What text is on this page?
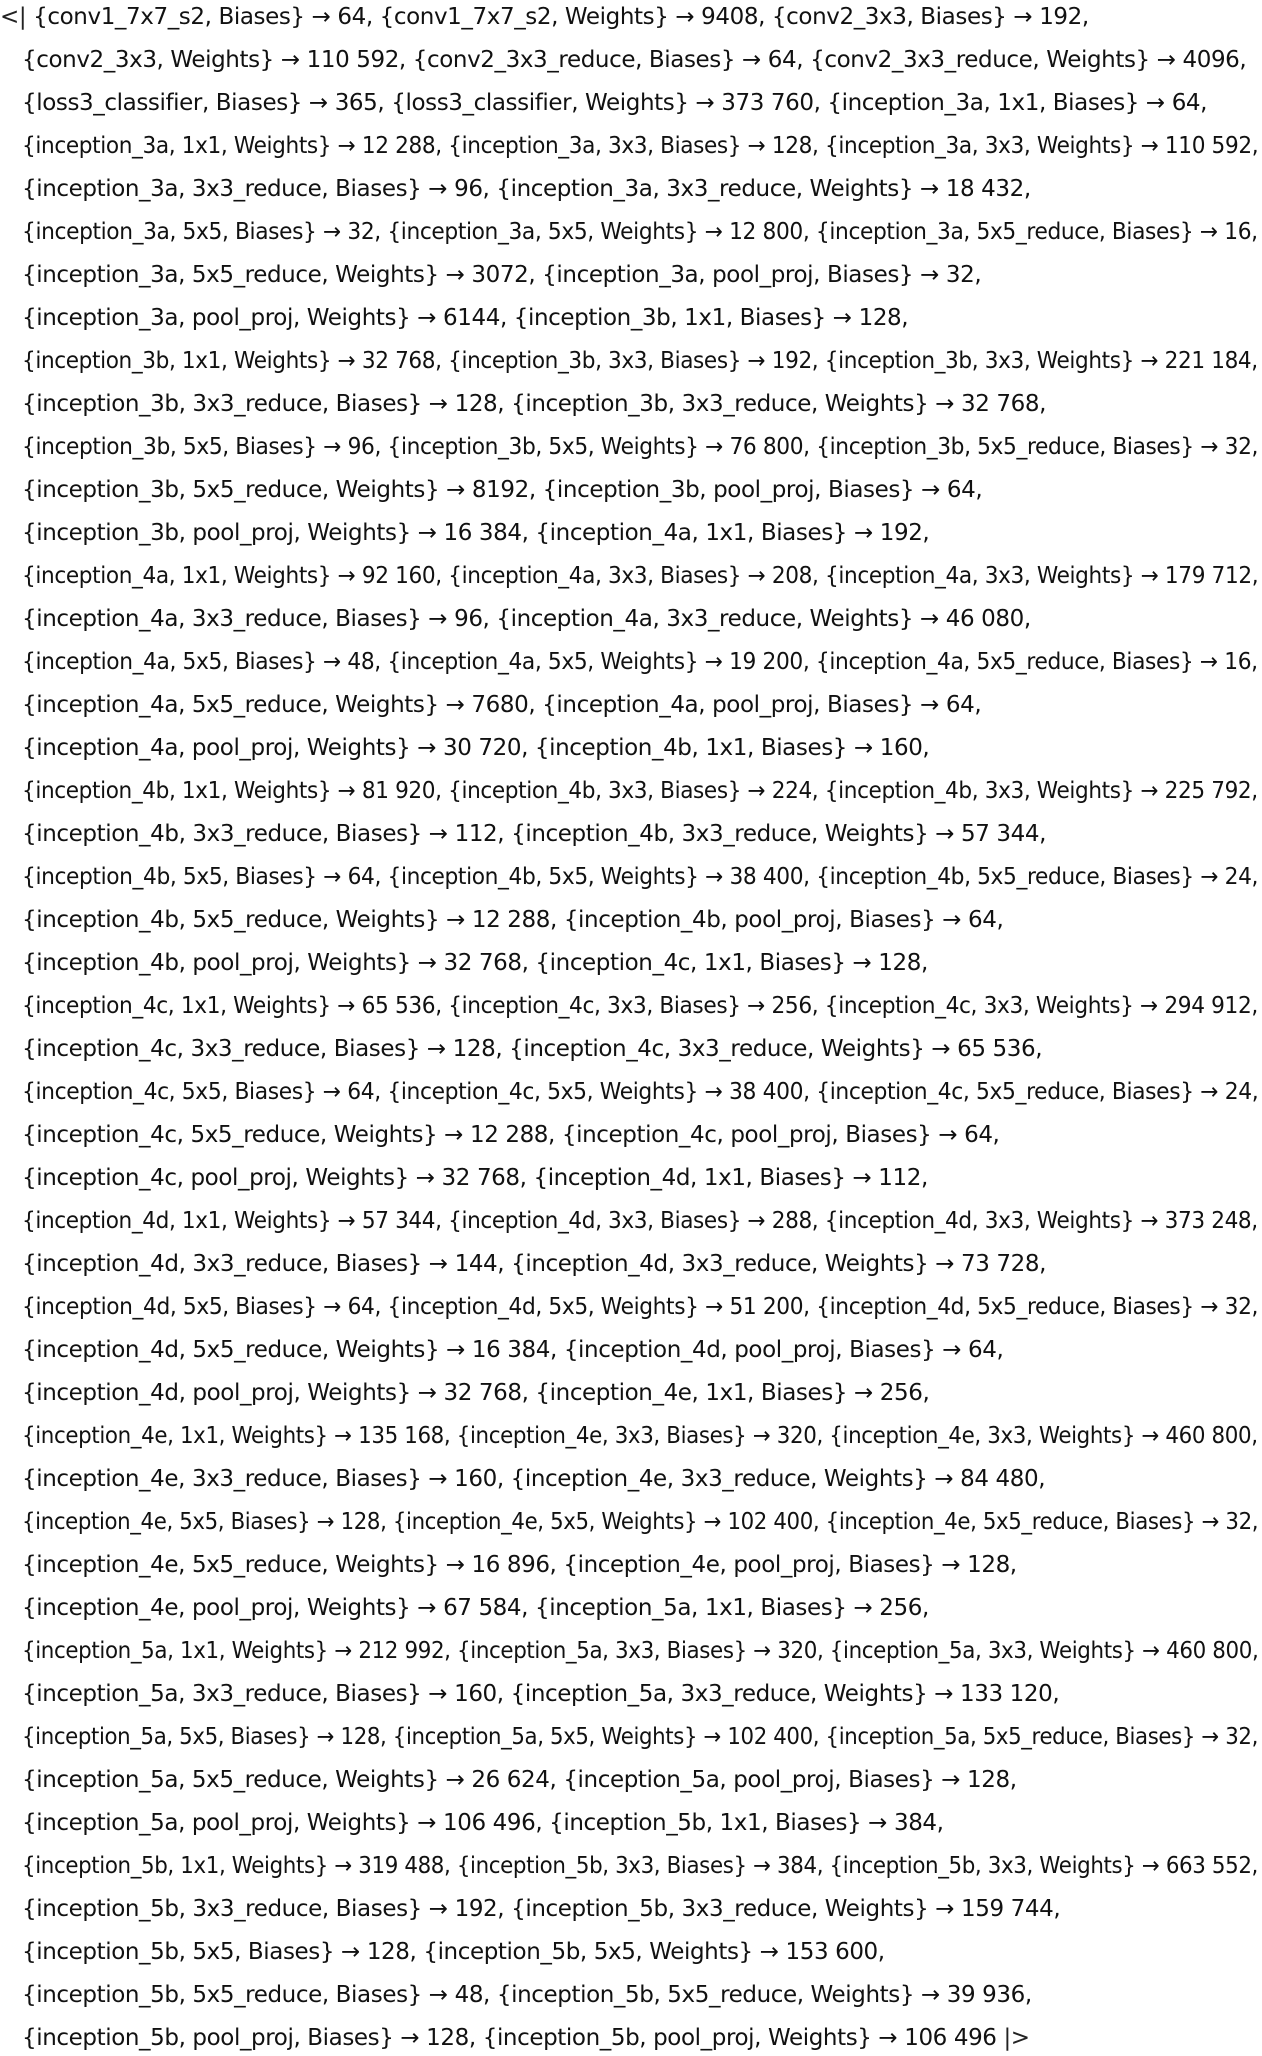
<| {conv1_7x7_s2, Biases} → 64, {conv1_7x7_s2, Weights} → 9408, {conv2_3x3, Biases} → 192,
{conv2_3x3, Weights} → 110 592, {conv2_3x3_reduce, Biases} → 64, {conv2_3x3_reduce, Weights} → 4096,
{loss3_classifier, Biases} → 365, {loss3_classifier, Weights} → 373 760, {inception_3a, 1x1, Biases} → 64,
{inception_3a, 1x1, Weights} → 12 288, {inception_3a, 3x3, Biases} → 128, {inception_3a, 3x3, Weights} → 110 592,
{inception_3a, 3x3_reduce, Biases} → 96, {inception_3a, 3x3_reduce, Weights} → 18 432,
{inception_3a, 5x5, Biases} → 32, {inception_3a, 5x5, Weights} → 12 800, {inception_3a, 5x5_reduce, Biases} → 16,
{inception_3a, 5x5_reduce, Weights} → 3072, {inception_3a, pool_proj, Biases} → 32,
{inception_3a, pool_proj, Weights} → 6144, {inception_3b, 1x1, Biases} → 128,
{inception_3b, 1x1, Weights} → 32 768, {inception_3b, 3x3, Biases} → 192, {inception_3b, 3x3, Weights} → 221 184,
{inception_3b, 3x3_reduce, Biases} → 128, {inception_3b, 3x3_reduce, Weights} → 32 768,
{inception_3b, 5x5, Biases} → 96, {inception_3b, 5x5, Weights} → 76 800, {inception_3b, 5x5_reduce, Biases} → 32,
{inception_3b, 5x5_reduce, Weights} → 8192, {inception_3b, pool_proj, Biases} → 64,
{inception_3b, pool_proj, Weights} → 16 384, {inception_4a, 1x1, Biases} → 192,
{inception_4a, 1x1, Weights} → 92 160, {inception_4a, 3x3, Biases} → 208, {inception_4a, 3x3, Weights} → 179 712,
{inception_4a, 3x3_reduce, Biases} → 96, {inception_4a, 3x3_reduce, Weights} → 46 080,
{inception_4a, 5x5, Biases} → 48, {inception_4a, 5x5, Weights} → 19 200, {inception_4a, 5x5_reduce, Biases} → 16,
{inception_4a, 5x5_reduce, Weights} → 7680, {inception_4a, pool_proj, Biases} → 64,
{inception_4a, pool_proj, Weights} → 30 720, {inception_4b, 1x1, Biases} → 160,
{inception_4b, 1x1, Weights} → 81 920, {inception_4b, 3x3, Biases} → 224, {inception_4b, 3x3, Weights} → 225 792,
{inception_4b, 3x3_reduce, Biases} → 112, {inception_4b, 3x3_reduce, Weights} → 57 344,
{inception_4b, 5x5, Biases} → 64, {inception_4b, 5x5, Weights} → 38 400, {inception_4b, 5x5_reduce, Biases} → 24,
{inception_4b, 5x5_reduce, Weights} → 12 288, {inception_4b, pool_proj, Biases} → 64,
{inception_4b, pool_proj, Weights} → 32 768, {inception_4c, 1x1, Biases} → 128,
{inception_4c, 1x1, Weights} → 65 536, {inception_4c, 3x3, Biases} → 256, {inception_4c, 3x3, Weights} → 294 912,
{inception_4c, 3x3_reduce, Biases} → 128, {inception_4c, 3x3_reduce, Weights} → 65 536,
{inception_4c, 5x5, Biases} → 64, {inception_4c, 5x5, Weights} → 38 400, {inception_4c, 5x5_reduce, Biases} → 24,
{inception_4c, 5x5_reduce, Weights} → 12 288, {inception_4c, pool_proj, Biases} → 64,
{inception_4c, pool_proj, Weights} → 32 768, {inception_4d, 1x1, Biases} → 112,
{inception_4d, 1x1, Weights} → 57 344, {inception_4d, 3x3, Biases} → 288, {inception_4d, 3x3, Weights} → 373 248,
{inception_4d, 3x3_reduce, Biases} → 144, {inception_4d, 3x3_reduce, Weights} → 73 728,
{inception_4d, 5x5, Biases} → 64, {inception_4d, 5x5, Weights} → 51 200, {inception_4d, 5x5_reduce, Biases} → 32,
{inception_4d, 5x5_reduce, Weights} → 16 384, {inception_4d, pool_proj, Biases} → 64,
{inception_4d, pool_proj, Weights} → 32 768, {inception_4e, 1x1, Biases} → 256,
{inception_4e, 1x1, Weights} → 135 168, {inception_4e, 3x3, Biases} → 320, {inception_4e, 3x3, Weights} → 460 800,
{inception_4e, 3x3_reduce, Biases} → 160, {inception_4e, 3x3_reduce, Weights} → 84 480,
{inception_4e, 5x5, Biases} → 128, {inception_4e, 5x5, Weights} → 102 400, {inception_4e, 5x5_reduce, Biases} → 32,
{inception_4e, 5x5_reduce, Weights} → 16 896, {inception_4e, pool_proj, Biases} → 128,
{inception_4e, pool_proj, Weights} → 67 584, {inception_5a, 1x1, Biases} → 256,
{inception_5a, 1x1, Weights} → 212 992, {inception_5a, 3x3, Biases} → 320, {inception_5a, 3x3, Weights} → 460 800,
{inception_5a, 3x3_reduce, Biases} → 160, {inception_5a, 3x3_reduce, Weights} → 133 120,
{inception_5a, 5x5, Biases} → 128, {inception_5a, 5x5, Weights} → 102 400, {inception_5a, 5x5_reduce, Biases} → 32,
{inception_5a, 5x5_reduce, Weights} → 26 624, {inception_5a, pool_proj, Biases} → 128,
{inception_5a, pool_proj, Weights} → 106 496, {inception_5b, 1x1, Biases} → 384,
{inception_5b, 1x1, Weights} → 319 488, {inception_5b, 3x3, Biases} → 384, {inception_5b, 3x3, Weights} → 663 552,
{inception_5b, 3x3_reduce, Biases} → 192, {inception_5b, 3x3_reduce, Weights} → 159 744,
{inception_5b, 5x5, Biases} → 128, {inception_5b, 5x5, Weights} → 153 600,
{inception_5b, 5x5_reduce, Biases} → 48, {inception_5b, 5x5_reduce, Weights} → 39 936,
{inception_5b, pool_proj, Biases} → 128, {inception_5b, pool_proj, Weights} → 106 496 |>
